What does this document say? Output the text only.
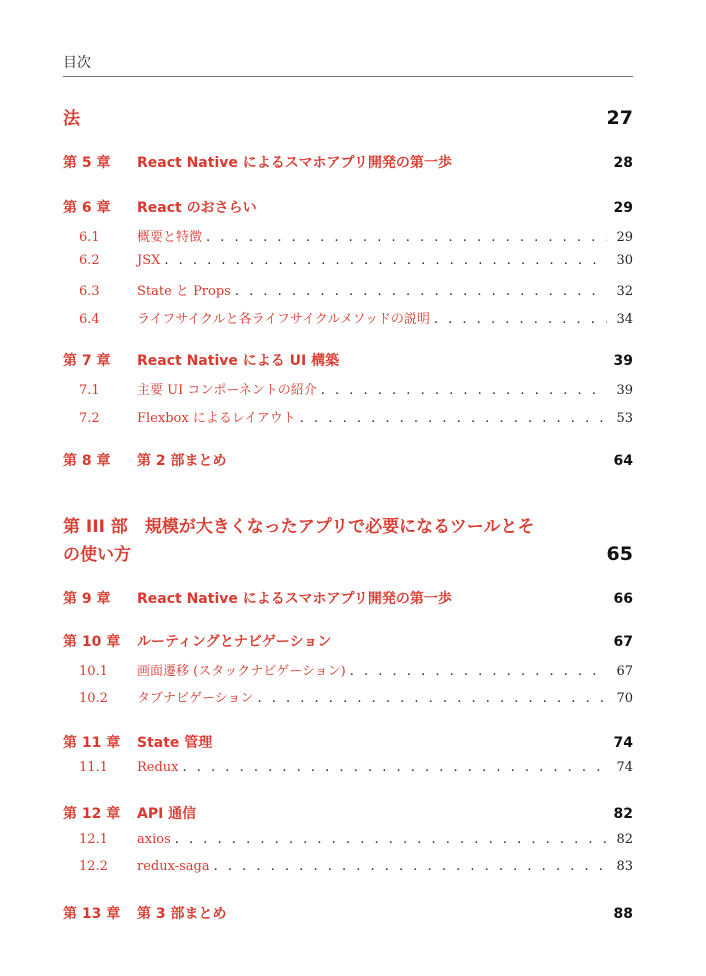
目次
法	27
第 5 章	React Native によるスマホアプリ開発の第一歩	28
第 6 章	React のおさらい	29
6.1	概要と特徴 . . .	29
6.2	JSX . . .	30
6.3	State と Props . . .	32
6.4	ライフサイクルと各ライフサイクルメソッドの説明 . . .	34
第 7 章	React Native による UI 構築	39
7.1	主要 UI コンポーネントの紹介 . . .	39
7.2	Flexbox によるレイアウト . . .	53
第 8 章	第 2 部まとめ	64
第 III 部　規模が大きくなったアプリで必要になるツールとそ
の使い方	65
第 9 章	React Native によるスマホアプリ開発の第一歩	66
第 10 章	ルーティングとナビゲーション	67
10.1	画面遷移 (スタックナビゲーション) . . .	67
10.2	タブナビゲーション . . .	70
第 11 章	State 管理	74
11.1	Redux . . .	74
第 12 章	API 通信	82
12.1	axios . . .	82
12.2	redux-saga . . .	83
第 13 章	第 3 部まとめ	88
